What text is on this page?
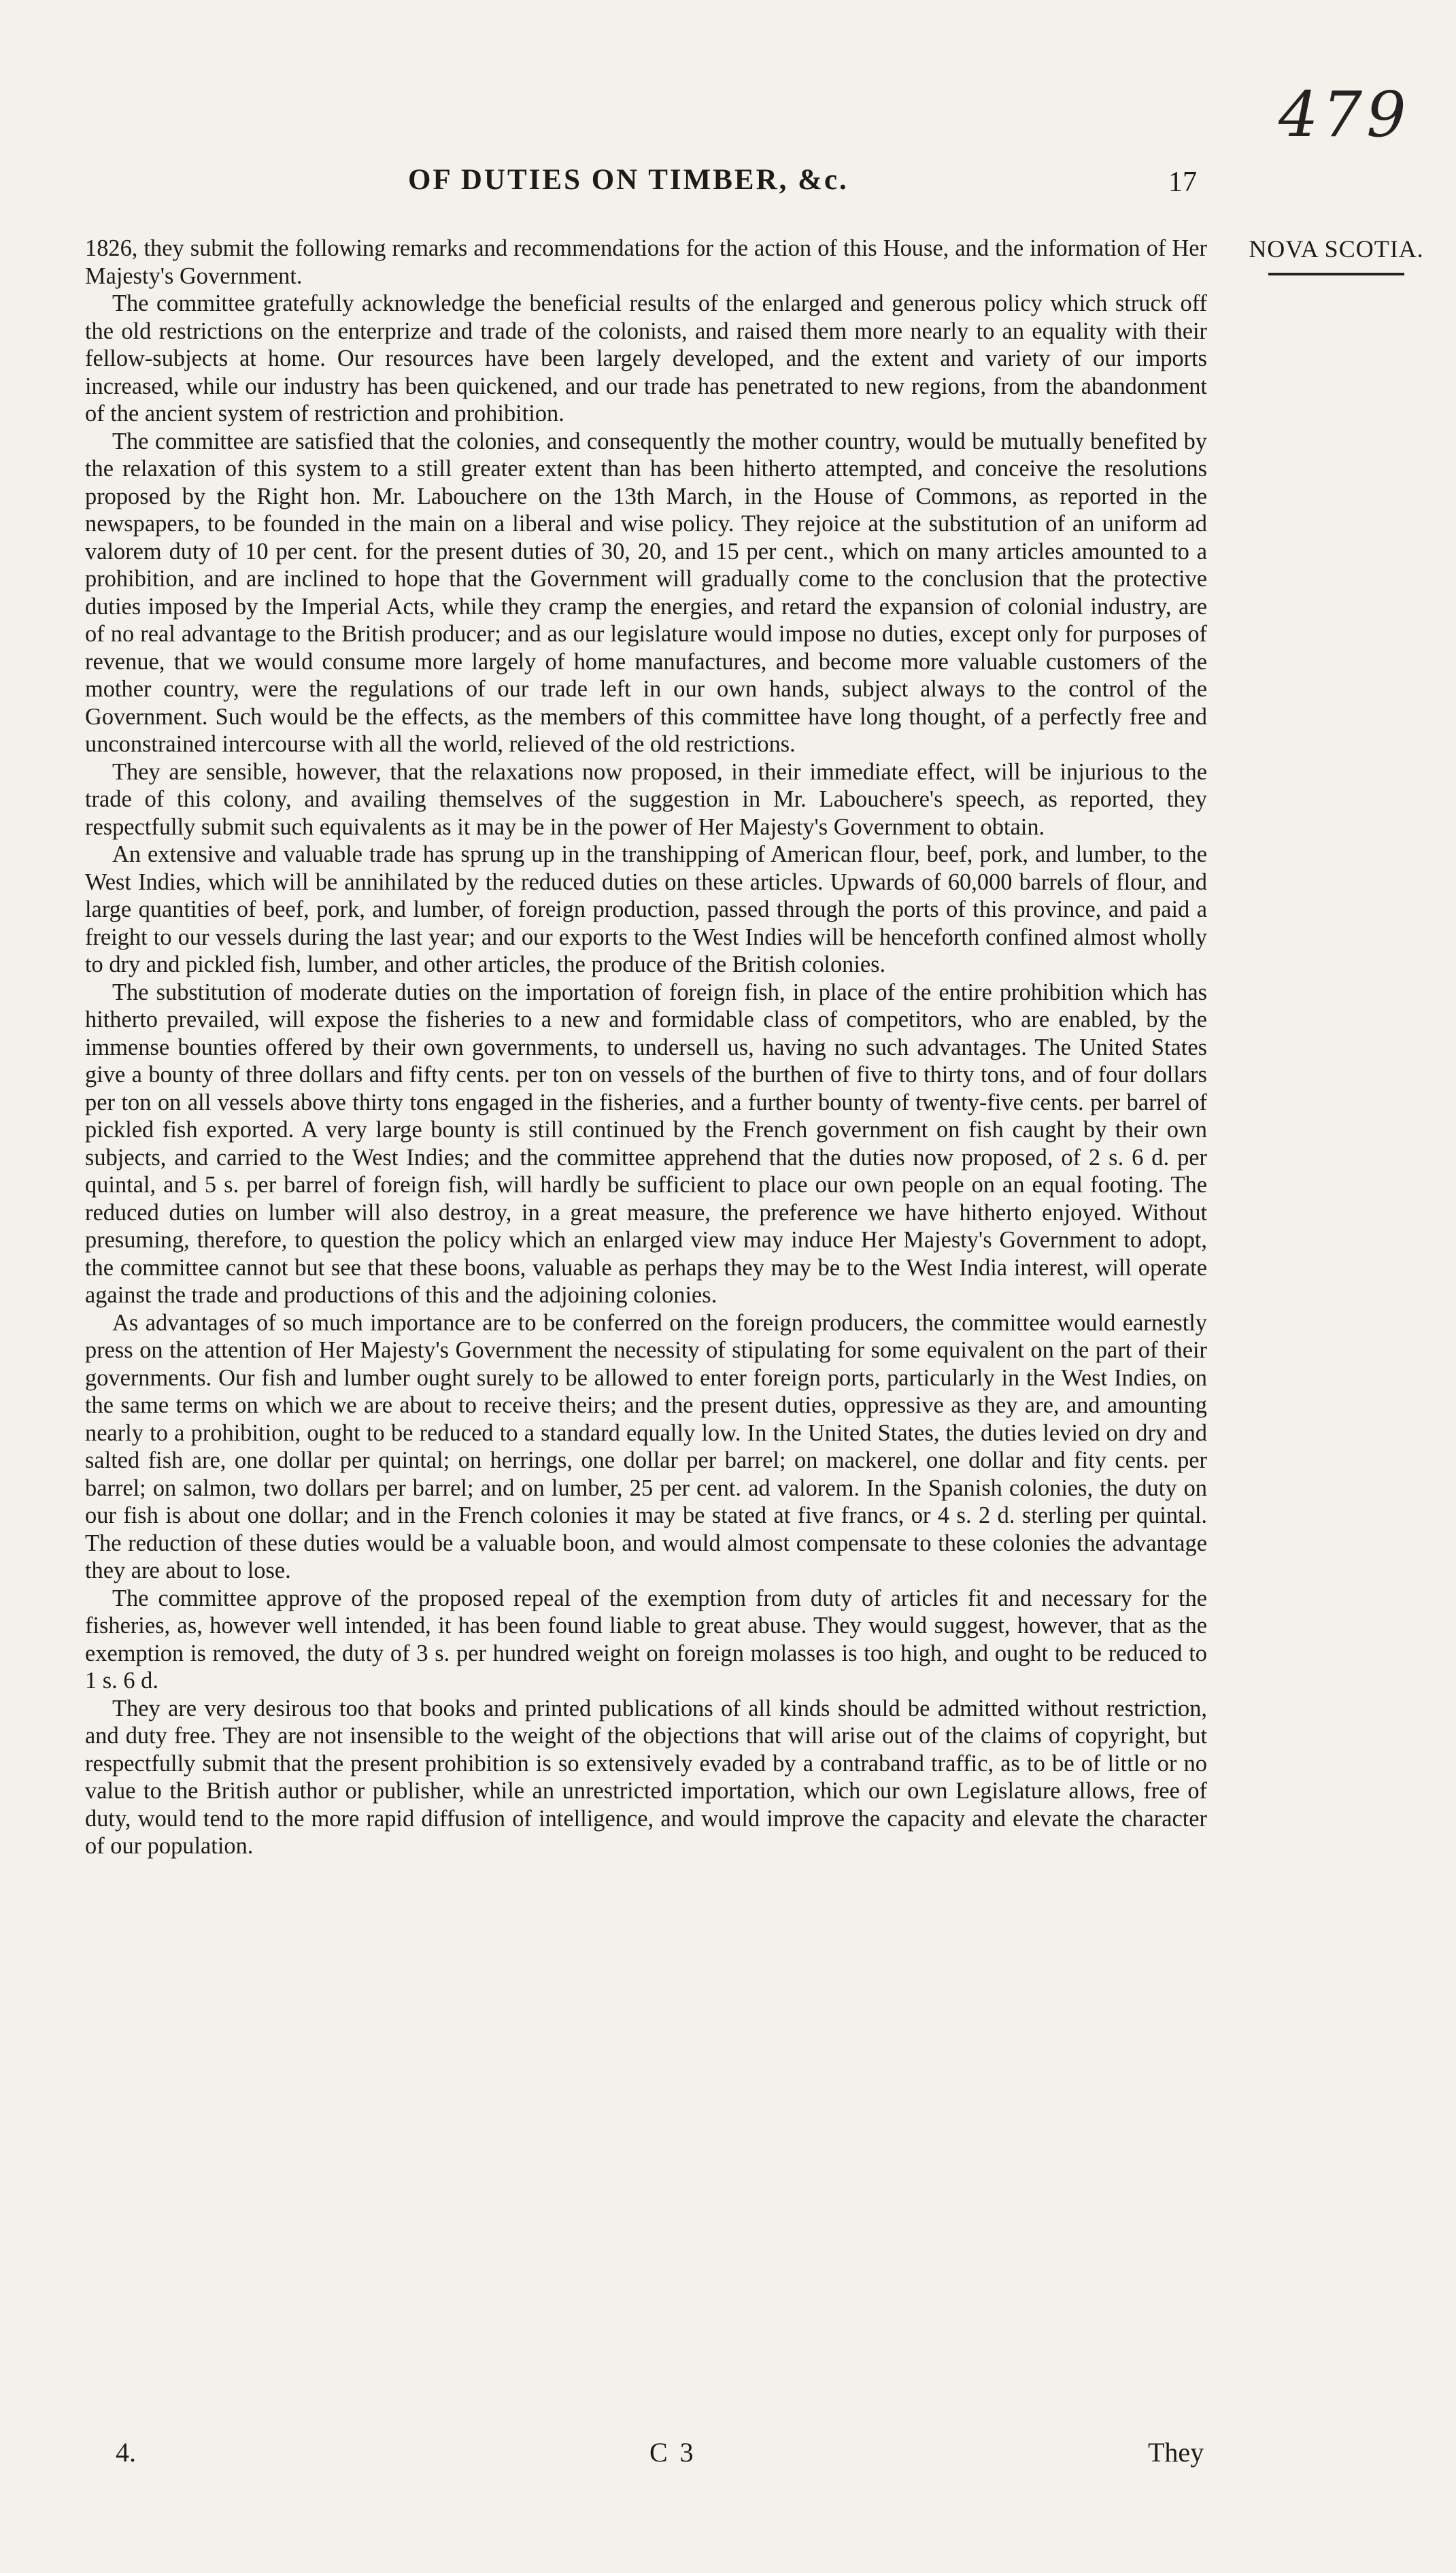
479
OF DUTIES ON TIMBER, &c.	17
NOVA SCOTIA.

1826, they submit the following remarks and recommendations for the action of this House, and the information of Her Majesty's Government.

The committee gratefully acknowledge the beneficial results of the enlarged and generous policy which struck off the old restrictions on the enterprize and trade of the colonists, and raised them more nearly to an equality with their fellow-subjects at home. Our resources have been largely developed, and the extent and variety of our imports increased, while our industry has been quickened, and our trade has penetrated to new regions, from the abandonment of the ancient system of restriction and prohibition.

The committee are satisfied that the colonies, and consequently the mother country, would be mutually benefited by the relaxation of this system to a still greater extent than has been hitherto attempted, and conceive the resolutions proposed by the Right hon. Mr. Labouchere on the 13th March, in the House of Commons, as reported in the newspapers, to be founded in the main on a liberal and wise policy. They rejoice at the substitution of an uniform ad valorem duty of 10 per cent. for the present duties of 30, 20, and 15 per cent., which on many articles amounted to a prohibition, and are inclined to hope that the Government will gradually come to the conclusion that the protective duties imposed by the Imperial Acts, while they cramp the energies, and retard the expansion of colonial industry, are of no real advantage to the British producer; and as our legislature would impose no duties, except only for purposes of revenue, that we would consume more largely of home manufactures, and become more valuable customers of the mother country, were the regulations of our trade left in our own hands, subject always to the control of the Government. Such would be the effects, as the members of this committee have long thought, of a perfectly free and unconstrained intercourse with all the world, relieved of the old restrictions.

They are sensible, however, that the relaxations now proposed, in their immediate effect, will be injurious to the trade of this colony, and availing themselves of the suggestion in Mr. Labouchere's speech, as reported, they respectfully submit such equivalents as it may be in the power of Her Majesty's Government to obtain.

An extensive and valuable trade has sprung up in the transhipping of American flour, beef, pork, and lumber, to the West Indies, which will be annihilated by the reduced duties on these articles. Upwards of 60,000 barrels of flour, and large quantities of beef, pork, and lumber, of foreign production, passed through the ports of this province, and paid a freight to our vessels during the last year; and our exports to the West Indies will be henceforth confined almost wholly to dry and pickled fish, lumber, and other articles, the produce of the British colonies.

The substitution of moderate duties on the importation of foreign fish, in place of the entire prohibition which has hitherto prevailed, will expose the fisheries to a new and formidable class of competitors, who are enabled, by the immense bounties offered by their own governments, to undersell us, having no such advantages. The United States give a bounty of three dollars and fifty cents. per ton on vessels of the burthen of five to thirty tons, and of four dollars per ton on all vessels above thirty tons engaged in the fisheries, and a further bounty of twenty-five cents. per barrel of pickled fish exported. A very large bounty is still continued by the French government on fish caught by their own subjects, and carried to the West Indies; and the committee apprehend that the duties now proposed, of 2 s. 6 d. per quintal, and 5 s. per barrel of foreign fish, will hardly be sufficient to place our own people on an equal footing. The reduced duties on lumber will also destroy, in a great measure, the preference we have hitherto enjoyed. Without presuming, therefore, to question the policy which an enlarged view may induce Her Majesty's Government to adopt, the committee cannot but see that these boons, valuable as perhaps they may be to the West India interest, will operate against the trade and productions of this and the adjoining colonies.

As advantages of so much importance are to be conferred on the foreign producers, the committee would earnestly press on the attention of Her Majesty's Government the necessity of stipulating for some equivalent on the part of their governments. Our fish and lumber ought surely to be allowed to enter foreign ports, particularly in the West Indies, on the same terms on which we are about to receive theirs; and the present duties, oppressive as they are, and amounting nearly to a prohibition, ought to be reduced to a standard equally low. In the United States, the duties levied on dry and salted fish are, one dollar per quintal; on herrings, one dollar per barrel; on mackerel, one dollar and fity cents. per barrel; on salmon, two dollars per barrel; and on lumber, 25 per cent. ad valorem. In the Spanish colonies, the duty on our fish is about one dollar; and in the French colonies it may be stated at five francs, or 4 s. 2 d. sterling per quintal. The reduction of these duties would be a valuable boon, and would almost compensate to these colonies the advantage they are about to lose.

The committee approve of the proposed repeal of the exemption from duty of articles fit and necessary for the fisheries, as, however well intended, it has been found liable to great abuse. They would suggest, however, that as the exemption is removed, the duty of 3 s. per hundred weight on foreign molasses is too high, and ought to be reduced to 1 s. 6 d.

They are very desirous too that books and printed publications of all kinds should be admitted without restriction, and duty free. They are not insensible to the weight of the objections that will arise out of the claims of copyright, but respectfully submit that the present prohibition is so extensively evaded by a contraband traffic, as to be of little or no value to the British author or publisher, while an unrestricted importation, which our own Legislature allows, free of duty, would tend to the more rapid diffusion of intelligence, and would improve the capacity and elevate the character of our population.

4.	C 3	They
